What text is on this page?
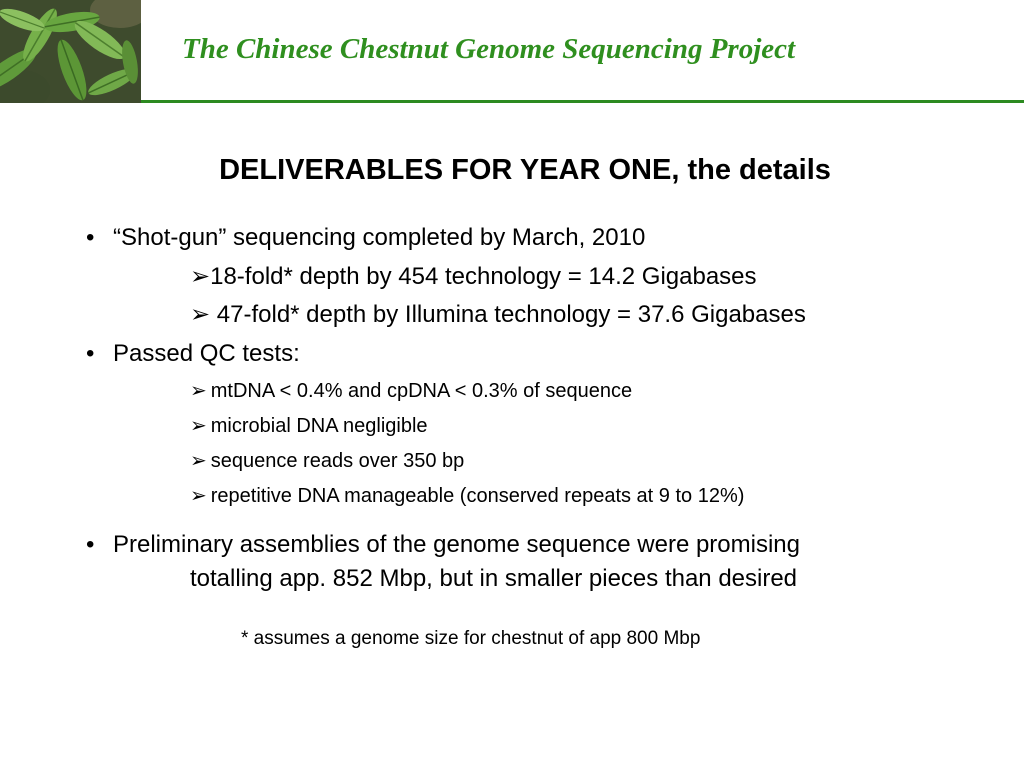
The Chinese Chestnut Genome Sequencing Project
DELIVERABLES FOR YEAR ONE, the details
• “Shot-gun” sequencing completed by March, 2010
➢18-fold* depth by 454 technology = 14.2 Gigabases
➢ 47-fold* depth by Illumina technology = 37.6 Gigabases
• Passed QC tests:
➢ mtDNA < 0.4% and cpDNA < 0.3% of sequence
➢ microbial DNA negligible
➢ sequence reads over 350 bp
➢ repetitive DNA manageable (conserved repeats at 9 to 12%)
• Preliminary assemblies of the genome sequence were promising
totalling app. 852 Mbp, but in smaller pieces than desired
* assumes a genome size for chestnut of app 800 Mbp
